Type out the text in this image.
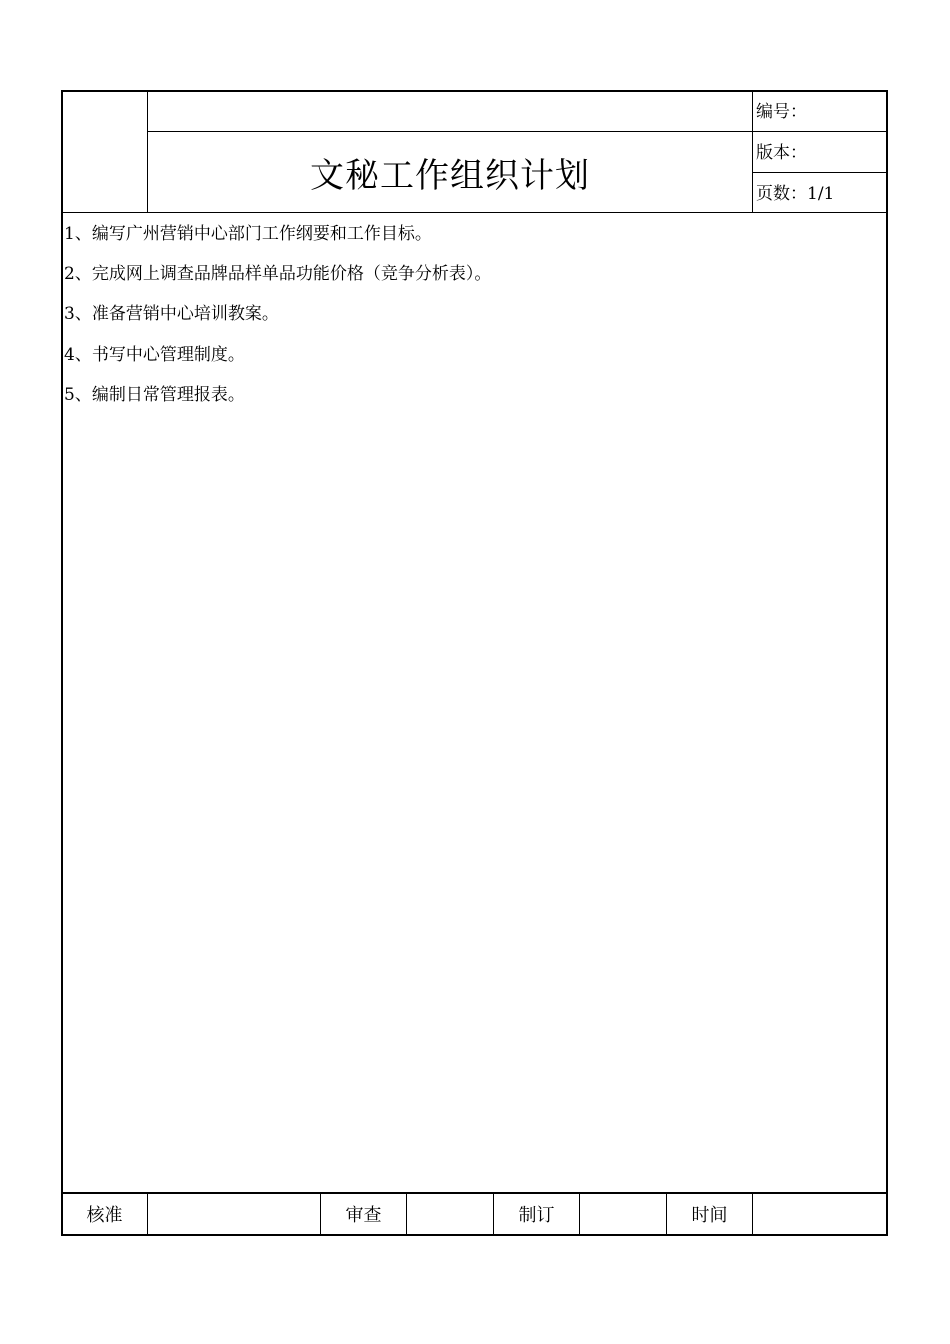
文秘工作组织计划
编号：
版本：
页数：1/1
1、编写广州营销中心部门工作纲要和工作目标。
2、完成网上调查品牌品样单品功能价格（竞争分析表）。
3、准备营销中心培训教案。
4、书写中心管理制度。
5、编制日常管理报表。
核准	审查	制订	时间
